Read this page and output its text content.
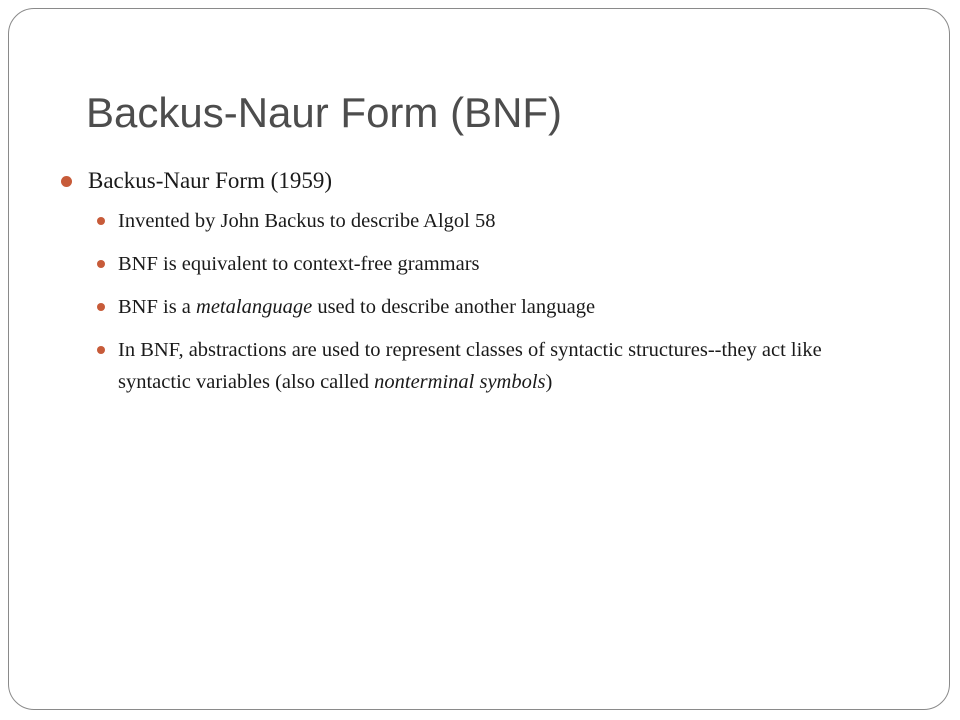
Backus-Naur Form (BNF)
Backus-Naur Form (1959)
Invented by John Backus to describe Algol 58
BNF is equivalent to context-free grammars
BNF is a metalanguage used to describe another language
In BNF, abstractions are used to represent classes of syntactic structures--they act like syntactic variables (also called nonterminal symbols)
